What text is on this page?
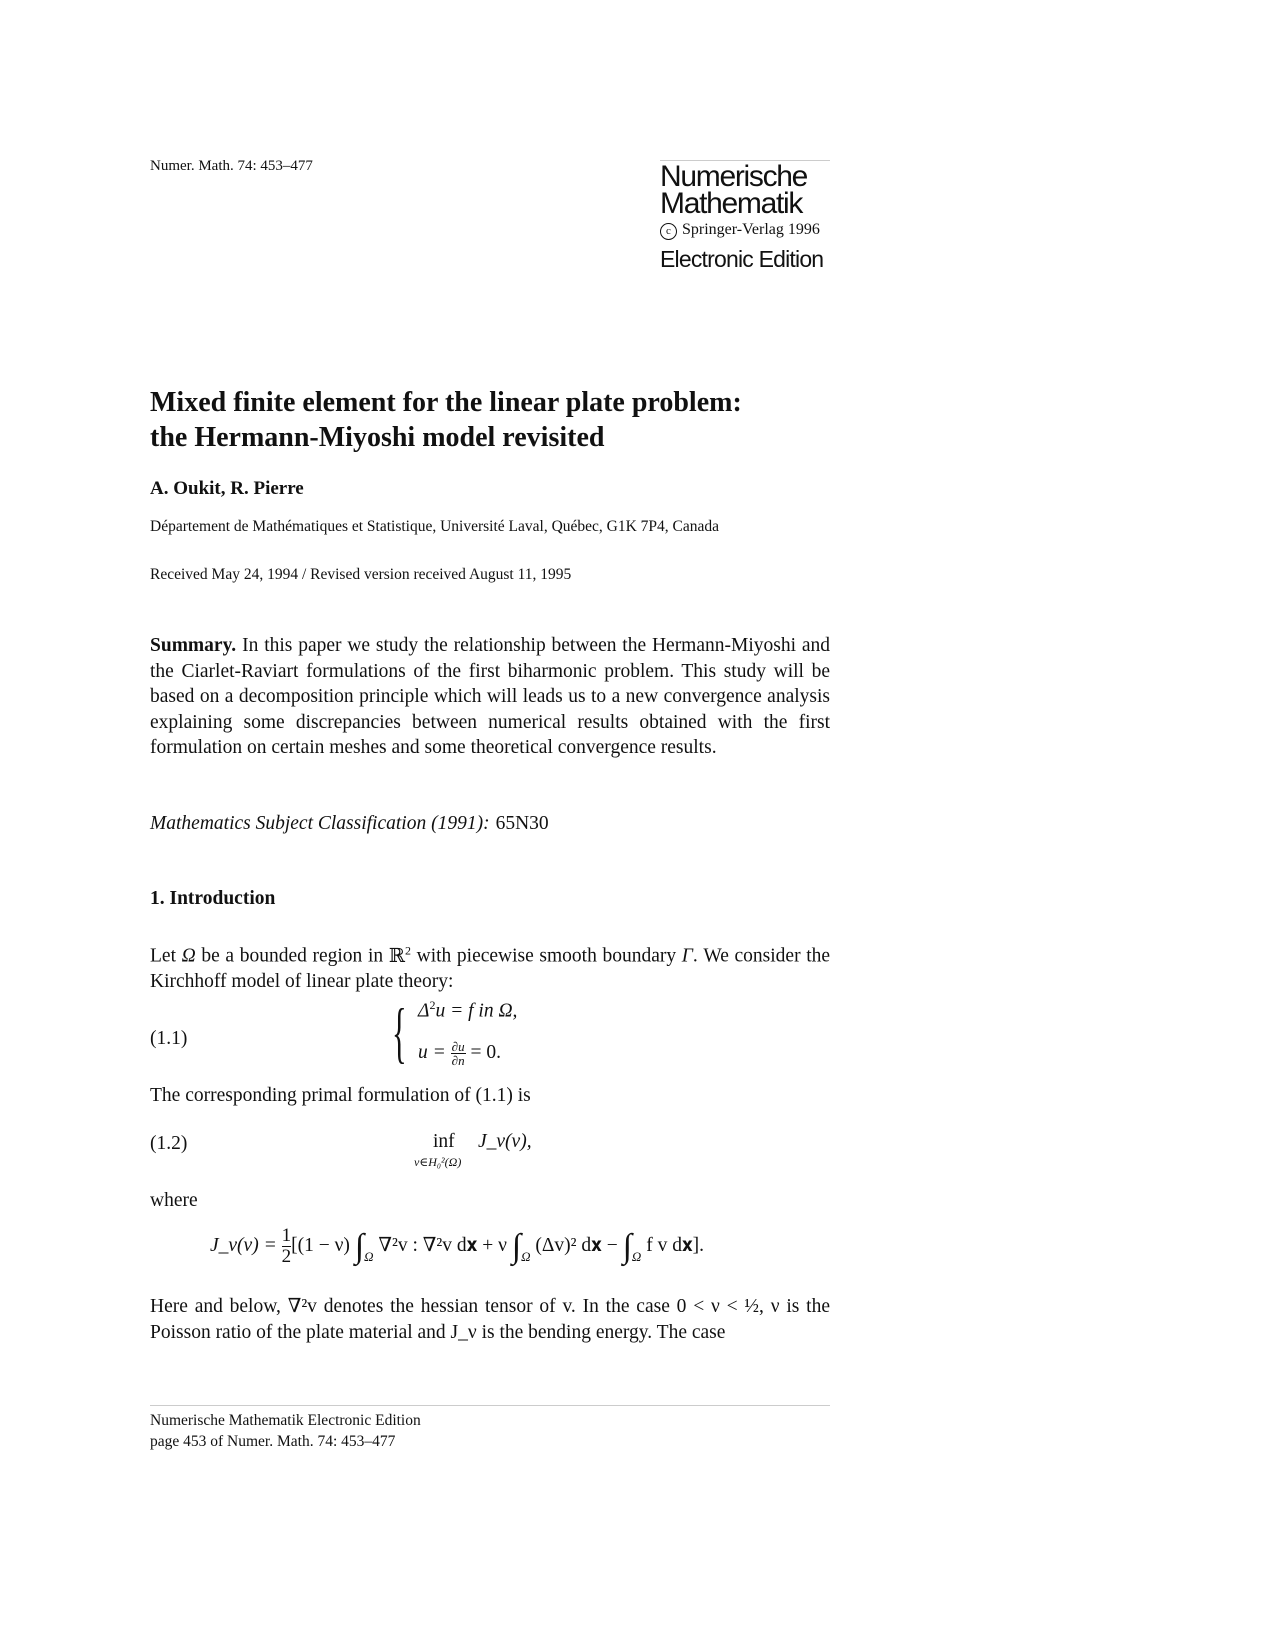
Numer. Math. 74: 453–477	Numerische
Mathematik
c Springer-Verlag 1996
Electronic Edition
Mixed finite element for the linear plate problem:
the Hermann-Miyoshi model revisited
A. Oukit, R. Pierre
Département de Mathématiques et Statistique, Université Laval, Québec, G1K 7P4, Canada
Received May 24, 1994 / Revised version received August 11, 1995
Summary. In this paper we study the relationship between the Hermann-Miyoshi and the Ciarlet-Raviart formulations of the first biharmonic problem. This study will be based on a decomposition principle which will leads us to a new convergence analysis explaining some discrepancies between numerical results obtained with the first formulation on certain meshes and some theoretical convergence results.
Mathematics Subject Classification (1991): 65N30
1. Introduction
Let Ω be a bounded region in ℝ$^2$ with piecewise smooth boundary Γ. We consider the Kirchhoff model of linear plate theory:
(1.1)	{ $\Delta^2u = f$ in Ω,
$u = \frac{\partial u}{\partial n} = 0$.
The corresponding primal formulation of (1.1) is
(1.2)	inf
v∈H₀²(Ω)
J_ν(v),
where
J_ν(v) = $\frac{1}{2}[(1 - \nu)$ $\int_\Omega$ ∇²v : ∇²v d𝐱 + ν $\int_\Omega$ (Δv)² d𝐱 − $\int_\Omega$ f v d𝐱].
Here and below, ∇²v denotes the hessian tensor of v. In the case 0 < ν < ½, ν is the Poisson ratio of the plate material and J_ν is the bending energy. The case
Numerische Mathematik Electronic Edition
page 453 of Numer. Math. 74: 453–477
